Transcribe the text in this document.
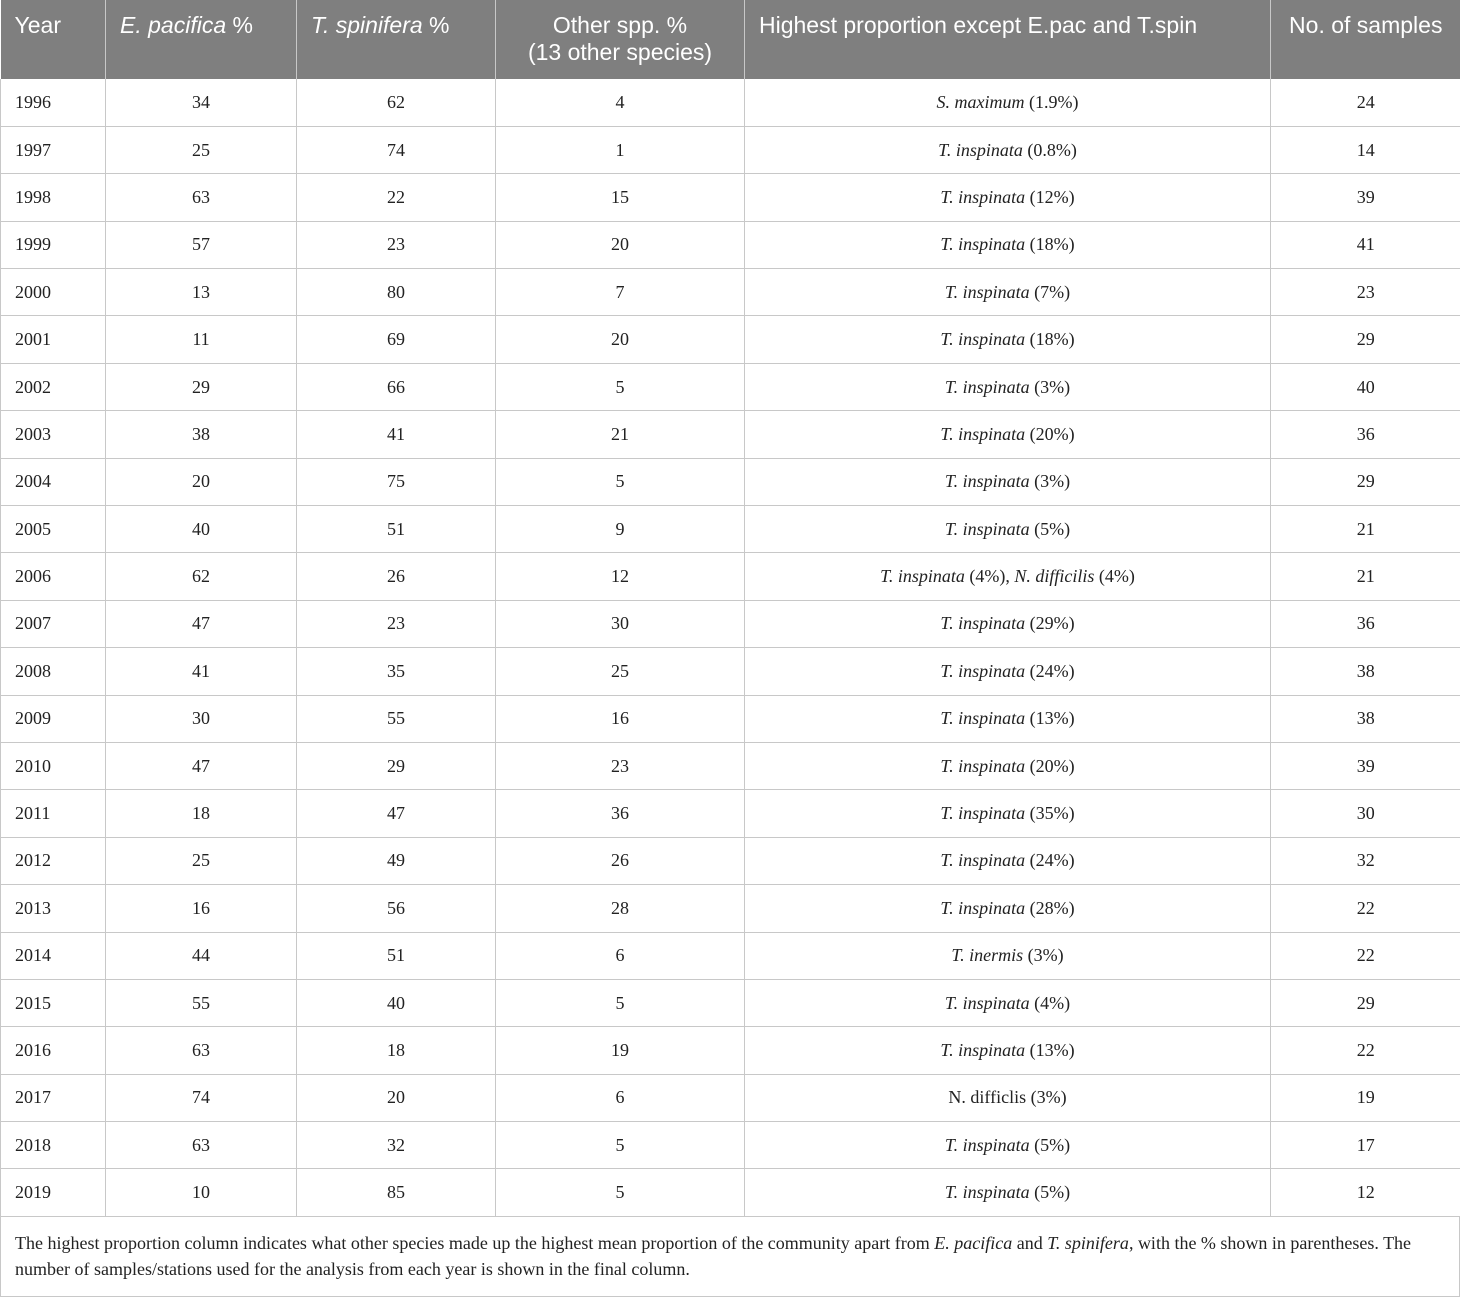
Year	E. pacifica %	T. spinifera %	Other spp. %
(13 other species)	Highest proportion except E.pac and T.spin	No. of samples
1996	34	62	4	S. maximum (1.9%)	24
1997	25	74	1	T. inspinata (0.8%)	14
1998	63	22	15	T. inspinata (12%)	39
1999	57	23	20	T. inspinata (18%)	41
2000	13	80	7	T. inspinata (7%)	23
2001	11	69	20	T. inspinata (18%)	29
2002	29	66	5	T. inspinata (3%)	40
2003	38	41	21	T. inspinata (20%)	36
2004	20	75	5	T. inspinata (3%)	29
2005	40	51	9	T. inspinata (5%)	21
2006	62	26	12	T. inspinata (4%), N. difficilis (4%)	21
2007	47	23	30	T. inspinata (29%)	36
2008	41	35	25	T. inspinata (24%)	38
2009	30	55	16	T. inspinata (13%)	38
2010	47	29	23	T. inspinata (20%)	39
2011	18	47	36	T. inspinata (35%)	30
2012	25	49	26	T. inspinata (24%)	32
2013	16	56	28	T. inspinata (28%)	22
2014	44	51	6	T. inermis (3%)	22
2015	55	40	5	T. inspinata (4%)	29
2016	63	18	19	T. inspinata (13%)	22
2017	74	20	6	N. difficlis (3%)	19
2018	63	32	5	T. inspinata (5%)	17
2019	10	85	5	T. inspinata (5%)	12
The highest proportion column indicates what other species made up the highest mean proportion of the community apart from E. pacifica and T. spinifera, with the % shown in parentheses. The number of samples/stations used for the analysis from each year is shown in the final column.
